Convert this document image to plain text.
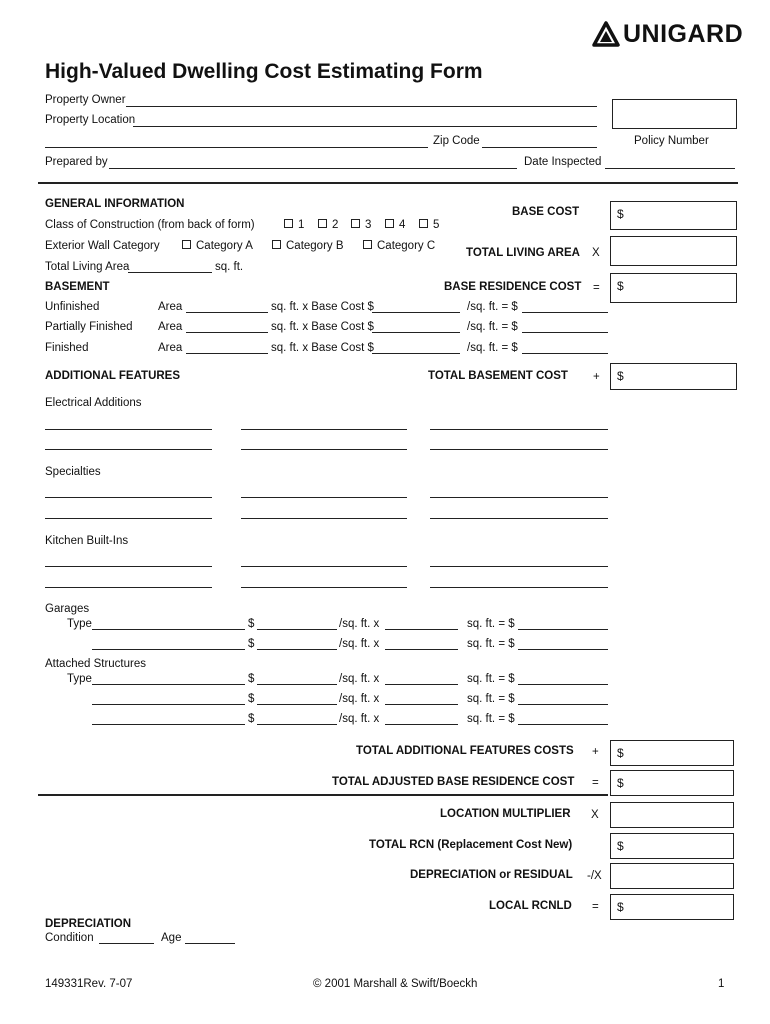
UNIGARD
High-Valued Dwelling Cost Estimating Form
Property Owner
Property Location
Zip Code	Policy Number
Prepared by	Date Inspected
GENERAL INFORMATION
Class of Construction (from back of form)	1	2	3	4	5
Exterior Wall Category	Category A	Category B	Category C
Total Living Area	sq. ft.
BASE COST	$
TOTAL LIVING AREA X
BASEMENT	BASE RESIDENCE COST = $
Unfinished	Area	sq. ft. x Base Cost $	/sq. ft. = $
Partially Finished Area	sq. ft. x Base Cost $	/sq. ft. = $
Finished	Area	sq. ft. x Base Cost $	/sq. ft. = $
ADDITIONAL FEATURES	TOTAL BASEMENT COST + $
Electrical Additions
Specialties
Kitchen Built-Ins
Garages
Type	$	/sq. ft. x	sq. ft. = $
$	/sq. ft. x	sq. ft. = $
Attached Structures
Type	$	/sq. ft. x	sq. ft. = $
$	/sq. ft. x	sq. ft. = $
$	/sq. ft. x	sq. ft. = $
TOTAL ADDITIONAL FEATURES COSTS + $
TOTAL ADJUSTED BASE RESIDENCE COST = $
LOCATION MULTIPLIER X
TOTAL RCN (Replacement Cost New)	$
DEPRECIATION or RESIDUAL -/X
LOCAL RCNLD = $
DEPRECIATION
Condition	Age
149331Rev. 7-07	© 2001 Marshall & Swift/Boeckh	1
